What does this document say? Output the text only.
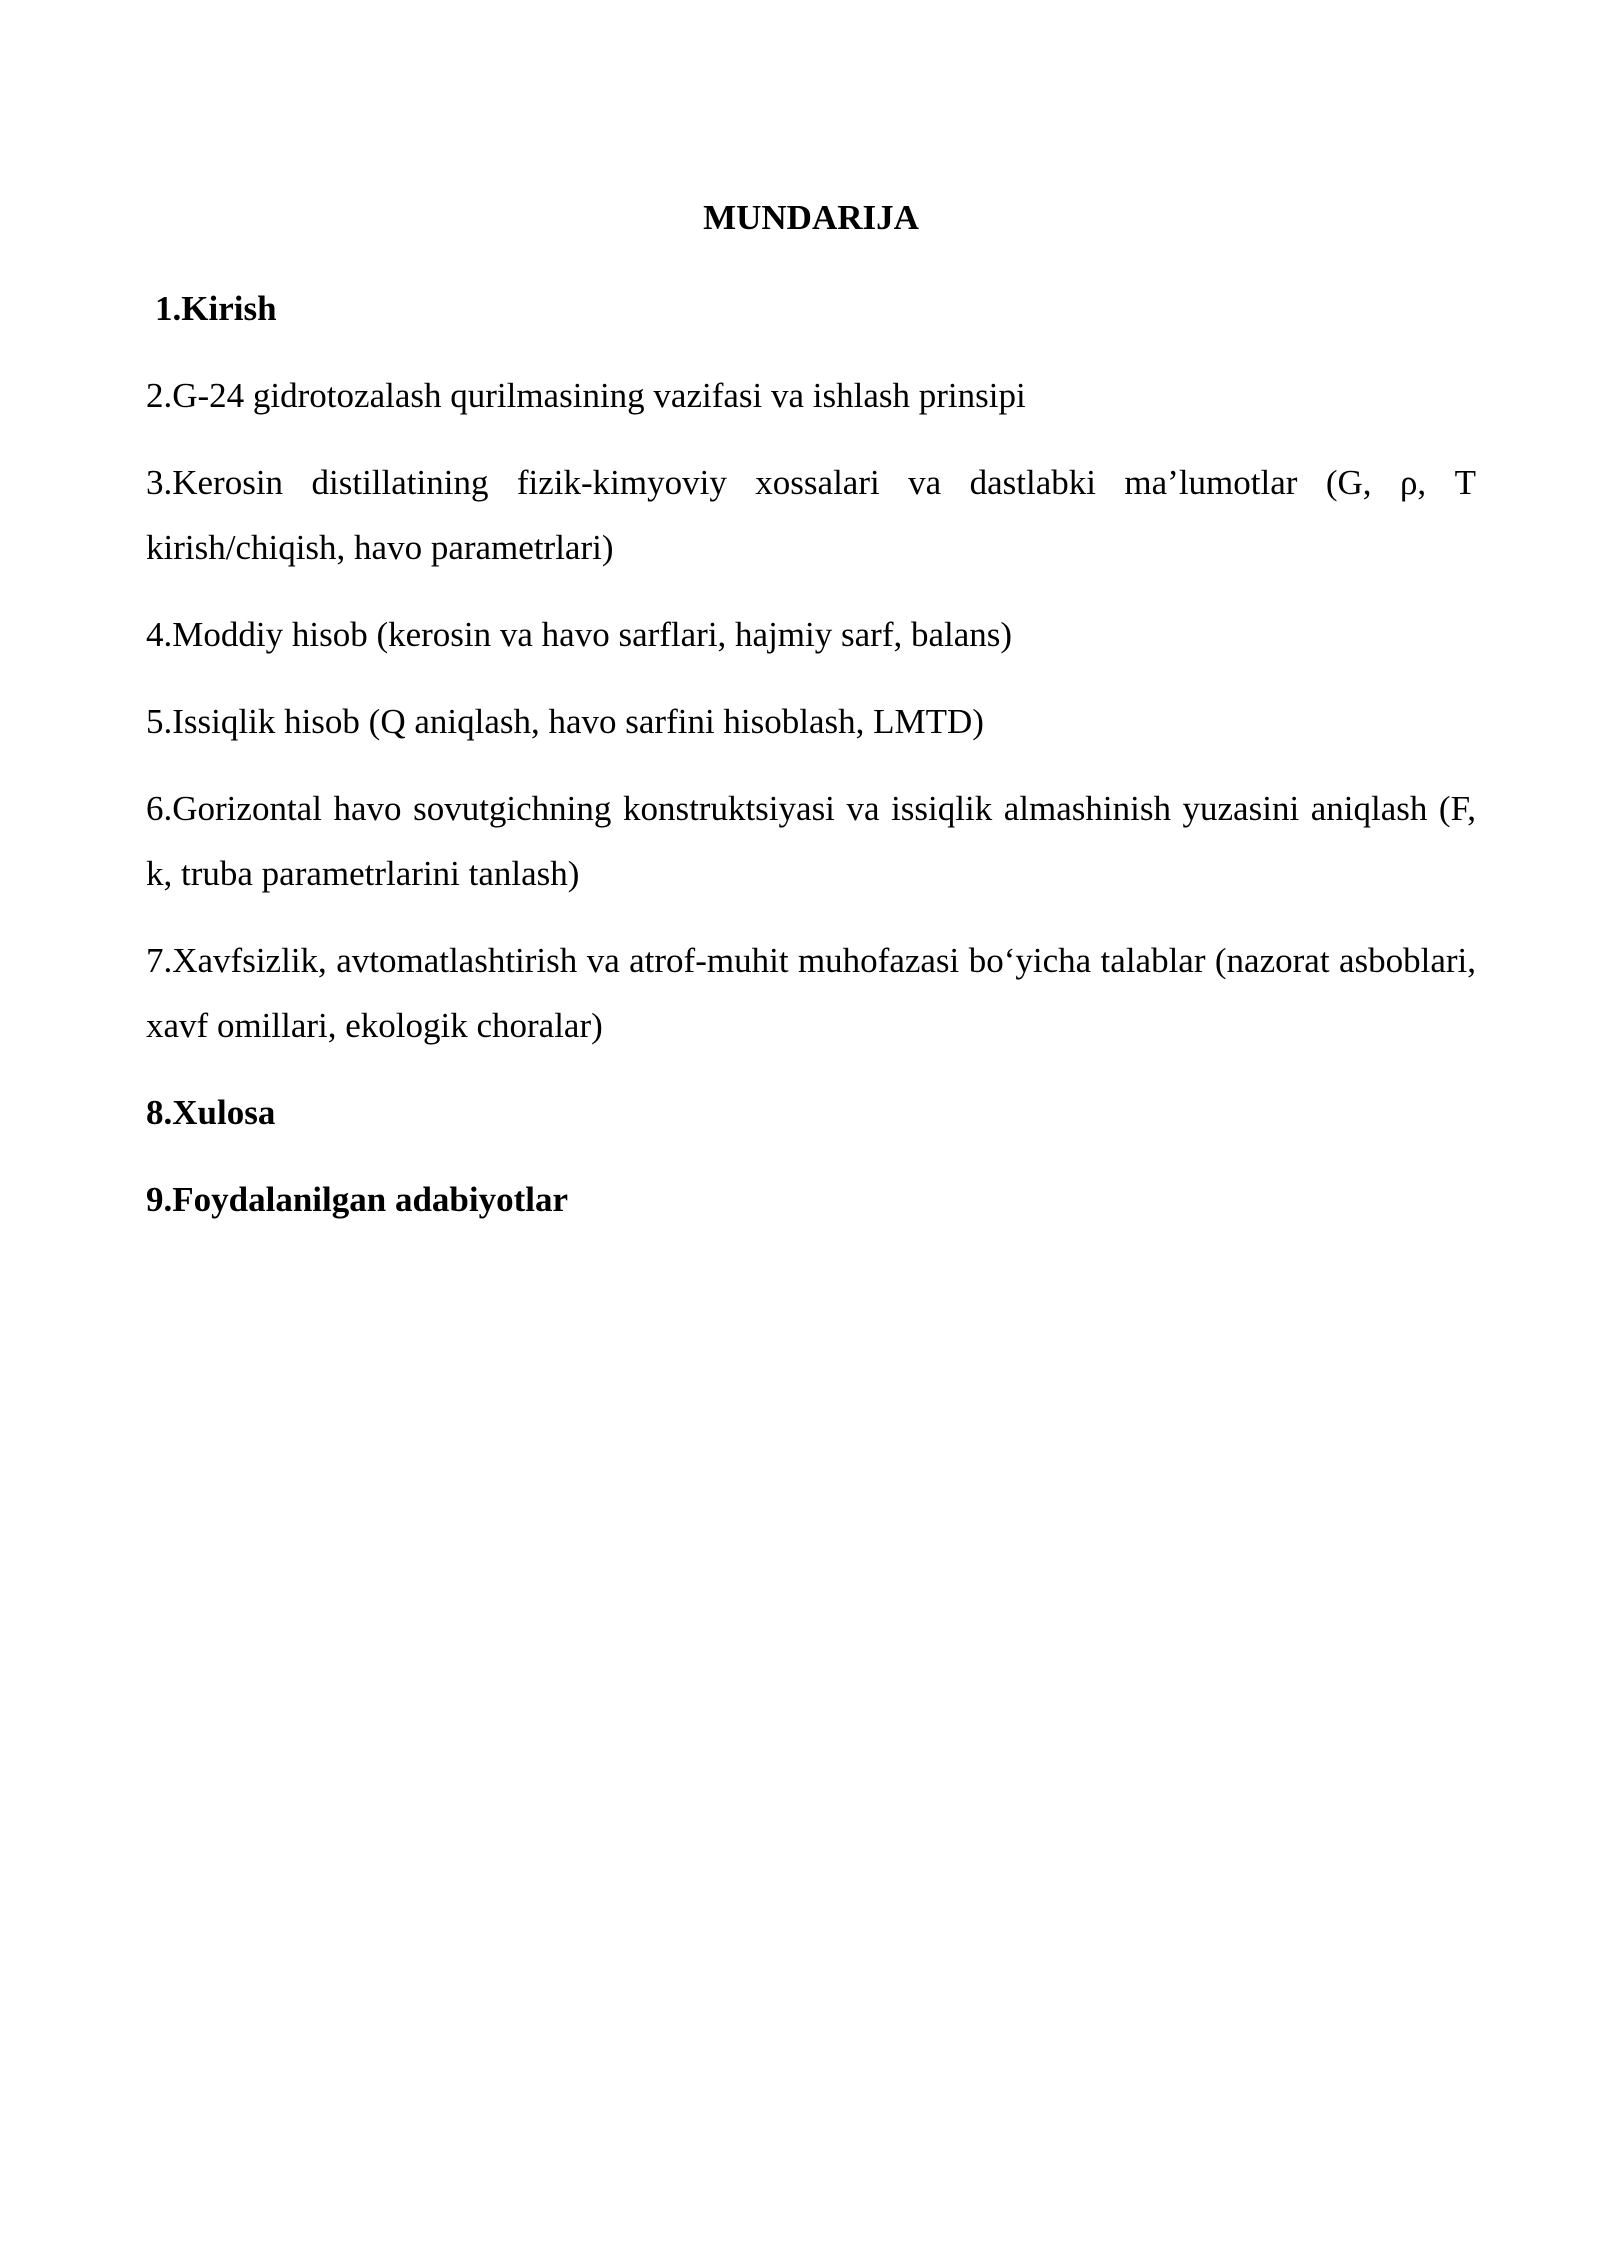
MUNDARIJA
1.Kirish
2.G-24 gidrotozalash qurilmasining vazifasi va ishlash prinsipi
3.Kerosin distillatining fizik-kimyoviy xossalari va dastlabki ma’lumotlar (G, ρ, T kirish/chiqish, havo parametrlari)
4.Moddiy hisob (kerosin va havo sarflari, hajmiy sarf, balans)
5.Issiqlik hisob (Q aniqlash, havo sarfini hisoblash, LMTD)
6.Gorizontal havo sovutgichning konstruktsiyasi va issiqlik almashinish yuzasini aniqlash (F, k, truba parametrlarini tanlash)
7.Xavfsizlik, avtomatlashtirish va atrof-muhit muhofazasi bo‘yicha talablar (nazorat asboblari, xavf omillari, ekologik choralar)
8.Xulosa
9.Foydalanilgan adabiyotlar
